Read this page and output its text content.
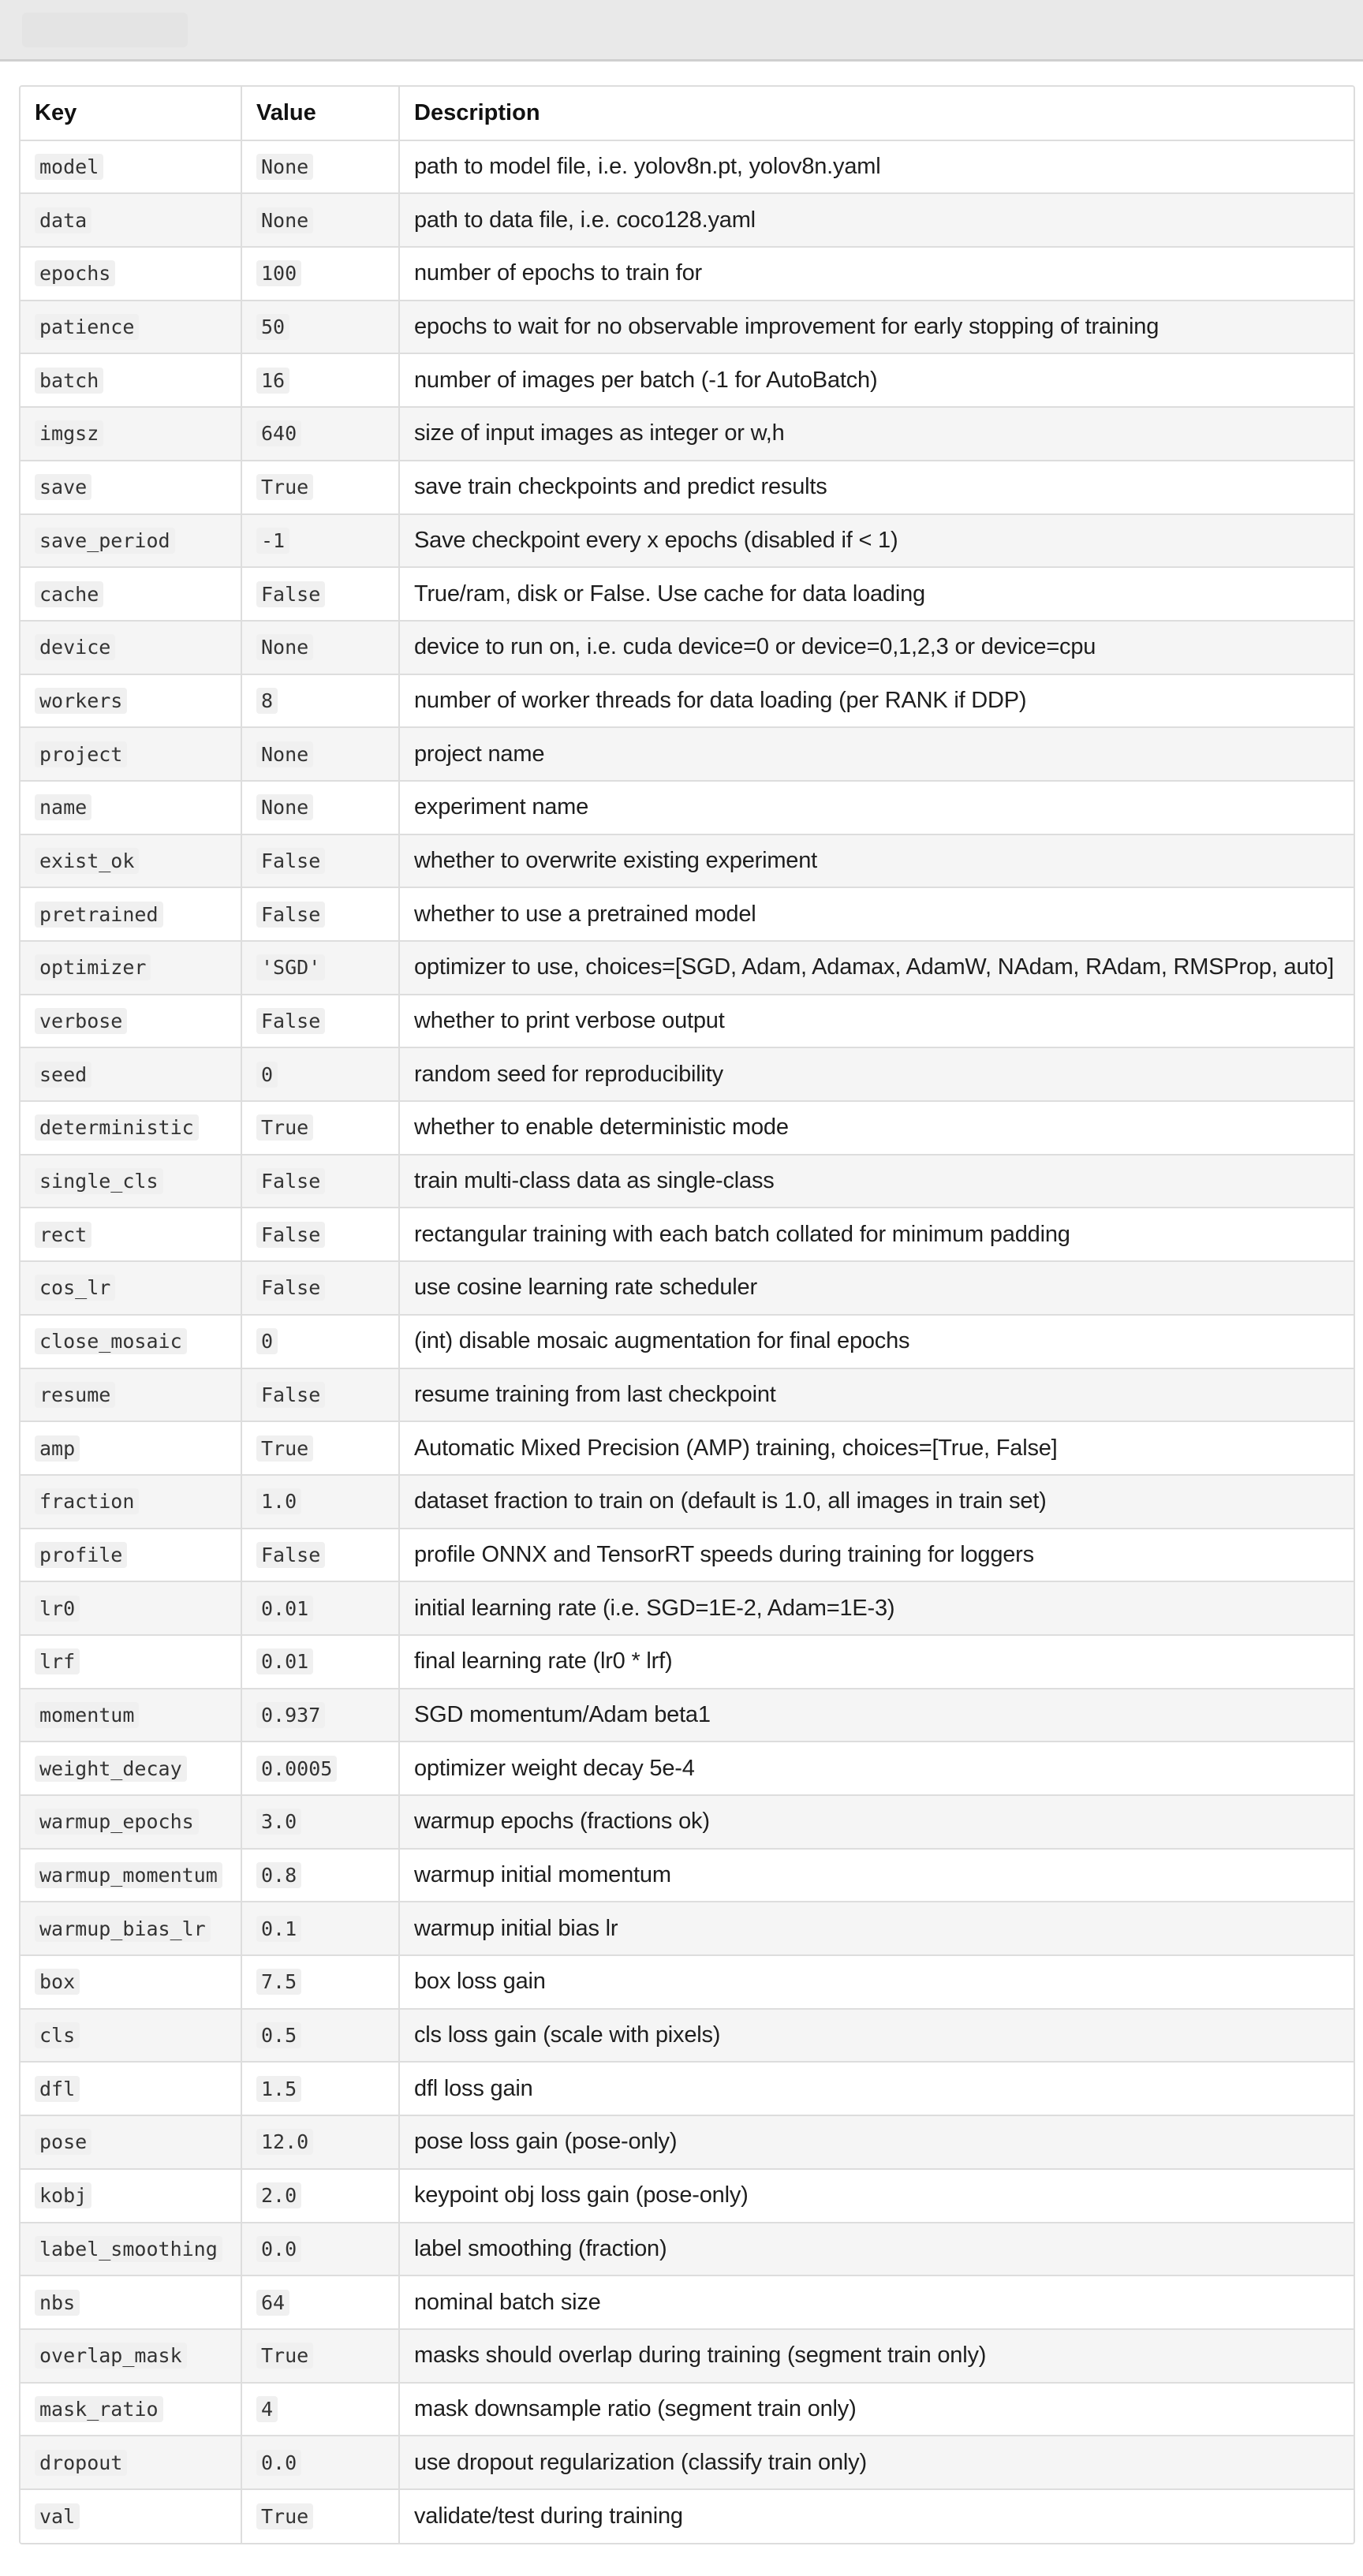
Key	Value	Description
model	None	path to model file, i.e. yolov8n.pt, yolov8n.yaml
data	None	path to data file, i.e. coco128.yaml
epochs	100	number of epochs to train for
patience	50	epochs to wait for no observable improvement for early stopping of training
batch	16	number of images per batch (-1 for AutoBatch)
imgsz	640	size of input images as integer or w,h
save	True	save train checkpoints and predict results
save_period	-1	Save checkpoint every x epochs (disabled if < 1)
cache	False	True/ram, disk or False. Use cache for data loading
device	None	device to run on, i.e. cuda device=0 or device=0,1,2,3 or device=cpu
workers	8	number of worker threads for data loading (per RANK if DDP)
project	None	project name
name	None	experiment name
exist_ok	False	whether to overwrite existing experiment
pretrained	False	whether to use a pretrained model
optimizer	'SGD'	optimizer to use, choices=[SGD, Adam, Adamax, AdamW, NAdam, RAdam, RMSProp, auto]
verbose	False	whether to print verbose output
seed	0	random seed for reproducibility
deterministic	True	whether to enable deterministic mode
single_cls	False	train multi-class data as single-class
rect	False	rectangular training with each batch collated for minimum padding
cos_lr	False	use cosine learning rate scheduler
close_mosaic	0	(int) disable mosaic augmentation for final epochs
resume	False	resume training from last checkpoint
amp	True	Automatic Mixed Precision (AMP) training, choices=[True, False]
fraction	1.0	dataset fraction to train on (default is 1.0, all images in train set)
profile	False	profile ONNX and TensorRT speeds during training for loggers
lr0	0.01	initial learning rate (i.e. SGD=1E-2, Adam=1E-3)
lrf	0.01	final learning rate (lr0 * lrf)
momentum	0.937	SGD momentum/Adam beta1
weight_decay	0.0005	optimizer weight decay 5e-4
warmup_epochs	3.0	warmup epochs (fractions ok)
warmup_momentum	0.8	warmup initial momentum
warmup_bias_lr	0.1	warmup initial bias lr
box	7.5	box loss gain
cls	0.5	cls loss gain (scale with pixels)
dfl	1.5	dfl loss gain
pose	12.0	pose loss gain (pose-only)
kobj	2.0	keypoint obj loss gain (pose-only)
label_smoothing	0.0	label smoothing (fraction)
nbs	64	nominal batch size
overlap_mask	True	masks should overlap during training (segment train only)
mask_ratio	4	mask downsample ratio (segment train only)
dropout	0.0	use dropout regularization (classify train only)
val	True	validate/test during training
